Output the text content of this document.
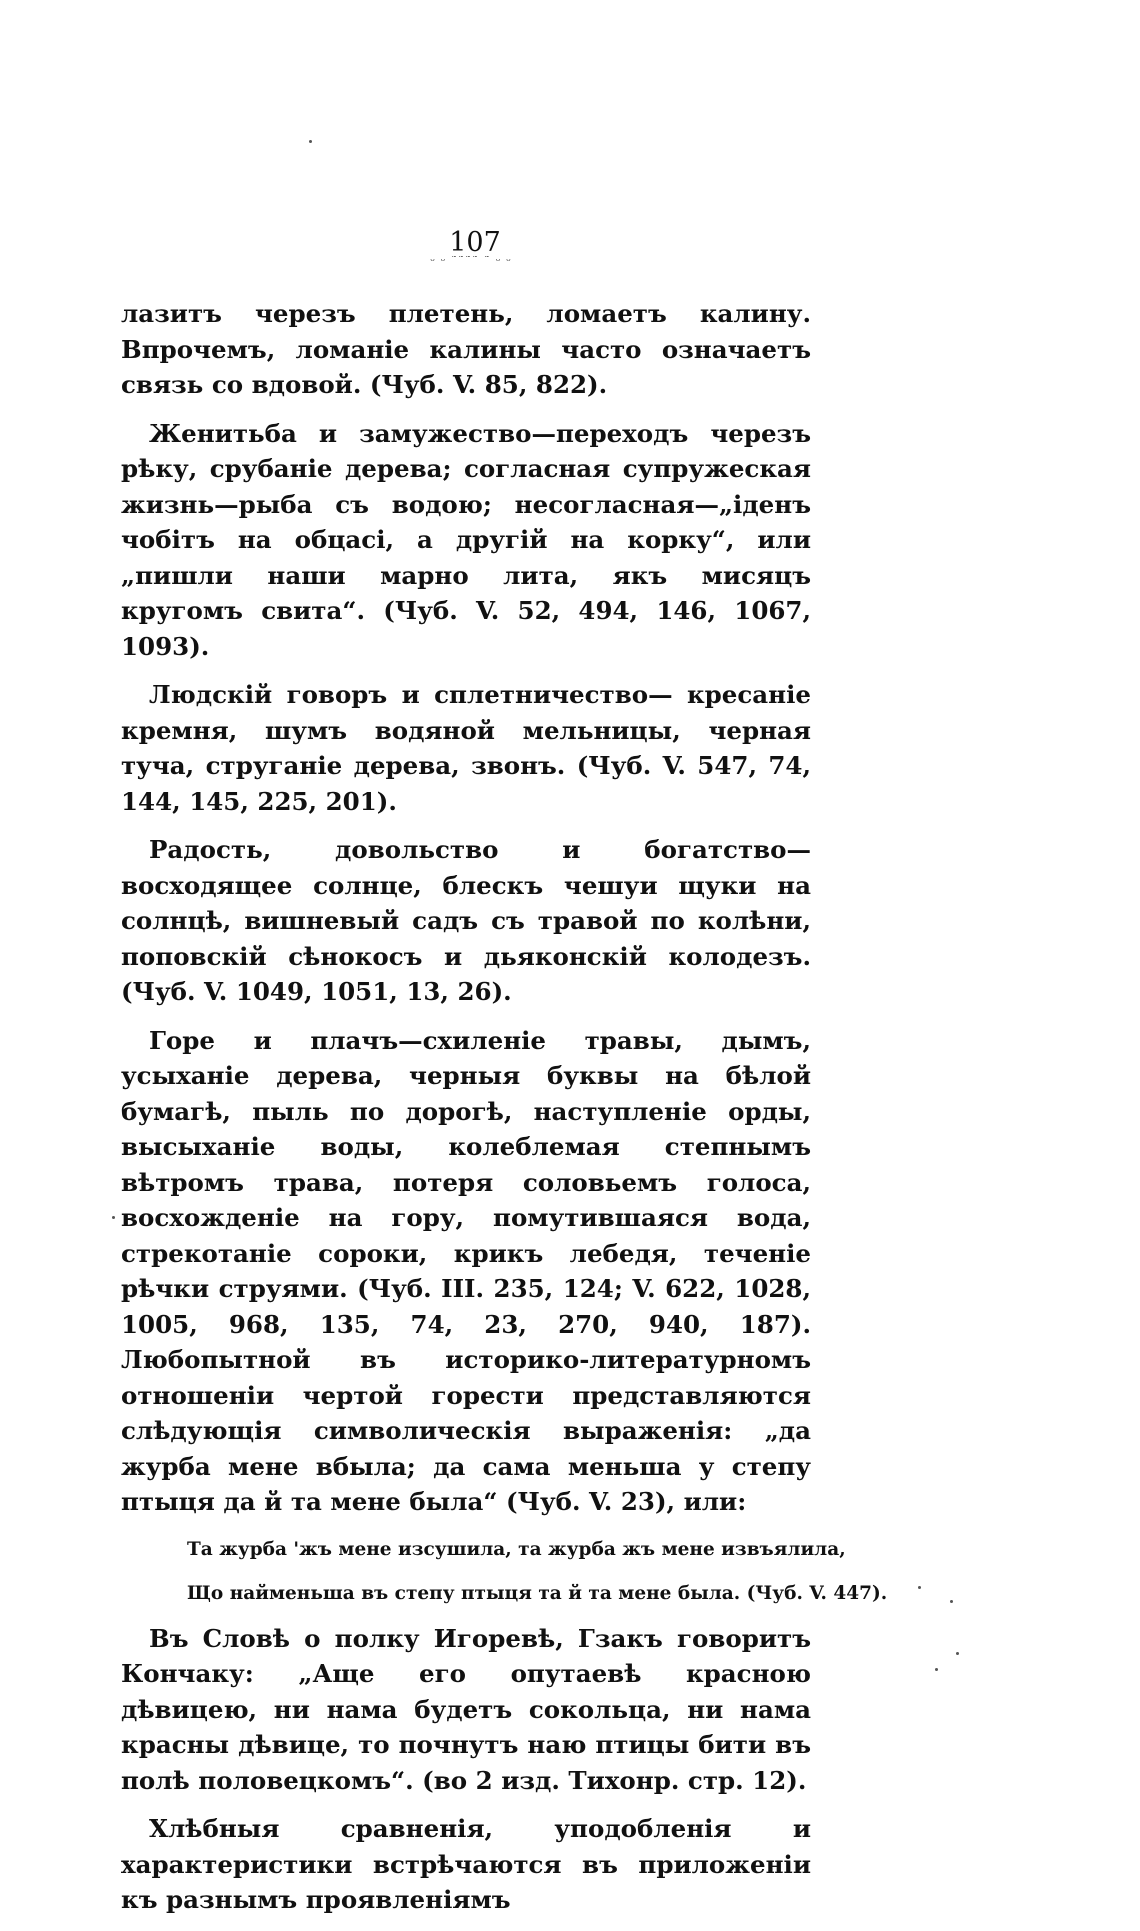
107
ᵕ ᵕ ˜˜˜˜ ˜ ᵕ ᵕ

лазитъ черезъ плетень, ломаетъ калину. Впрочемъ, ломаніе калины часто означаетъ связь со вдовой. (Чуб. V. 85, 822).

Женитьба и замужество—переходъ черезъ рѣку, срубаніе дерева; согласная супружеская жизнь—рыба съ водою; несогласная—„іденъ чобітъ на обцасі, а другій на корку“, или „пишли наши марно лита, якъ мисяцъ кругомъ свита“. (Чуб. V. 52, 494, 146, 1067, 1093).

Людскій говоръ и сплетничество— кресаніе кремня, шумъ водяной мельницы, черная туча, струганіе дерева, звонъ. (Чуб. V. 547, 74, 144, 145, 225, 201).

Радость, довольство и богатство—восходящее солнце, блескъ чешуи щуки на солнцѣ, вишневый садъ съ травой по колѣни, поповскій сѣнокосъ и дьяконскій колодезъ. (Чуб. V. 1049, 1051, 13, 26).

Горе и плачъ—схиленіе травы, дымъ, усыханіе дерева, черныя буквы на бѣлой бумагѣ, пыль по дорогѣ, наступленіе орды, высыханіе воды, колеблемая степнымъ вѣтромъ трава, потеря соловьемъ голоса, восхожденіе на гору, помутившаяся вода, стрекотаніе сороки, крикъ лебедя, теченіе рѣчки струями. (Чуб. III. 235, 124; V. 622, 1028, 1005, 968, 135, 74, 23, 270, 940, 187). Любопытной въ историко-литературномъ отношеніи чертой горести представляются слѣдующія символическія выраженія: „да журба мене вбыла; да сама меньша у степу птыця да й та мене была“ (Чуб. V. 23), или:

Та журба 'жъ мене изсушила, та журба жъ мене извъялила,
Що найменьша въ степу птыця та й та мене была. (Чуб. V. 447).

Въ Словѣ о полку Игоревѣ, Гзакъ говоритъ Кончаку: „Аще его опутаевѣ красною дѣвицею, ни нама будетъ сокольца, ни нама красны дѣвице, то почнутъ наю птицы бити въ полѣ половецкомъ“. (во 2 изд. Тихонр. стр. 12).

Хлѣбныя сравненія, уподобленія и характеристики встрѣчаются въ приложеніи къ разнымъ проявленіямъ
